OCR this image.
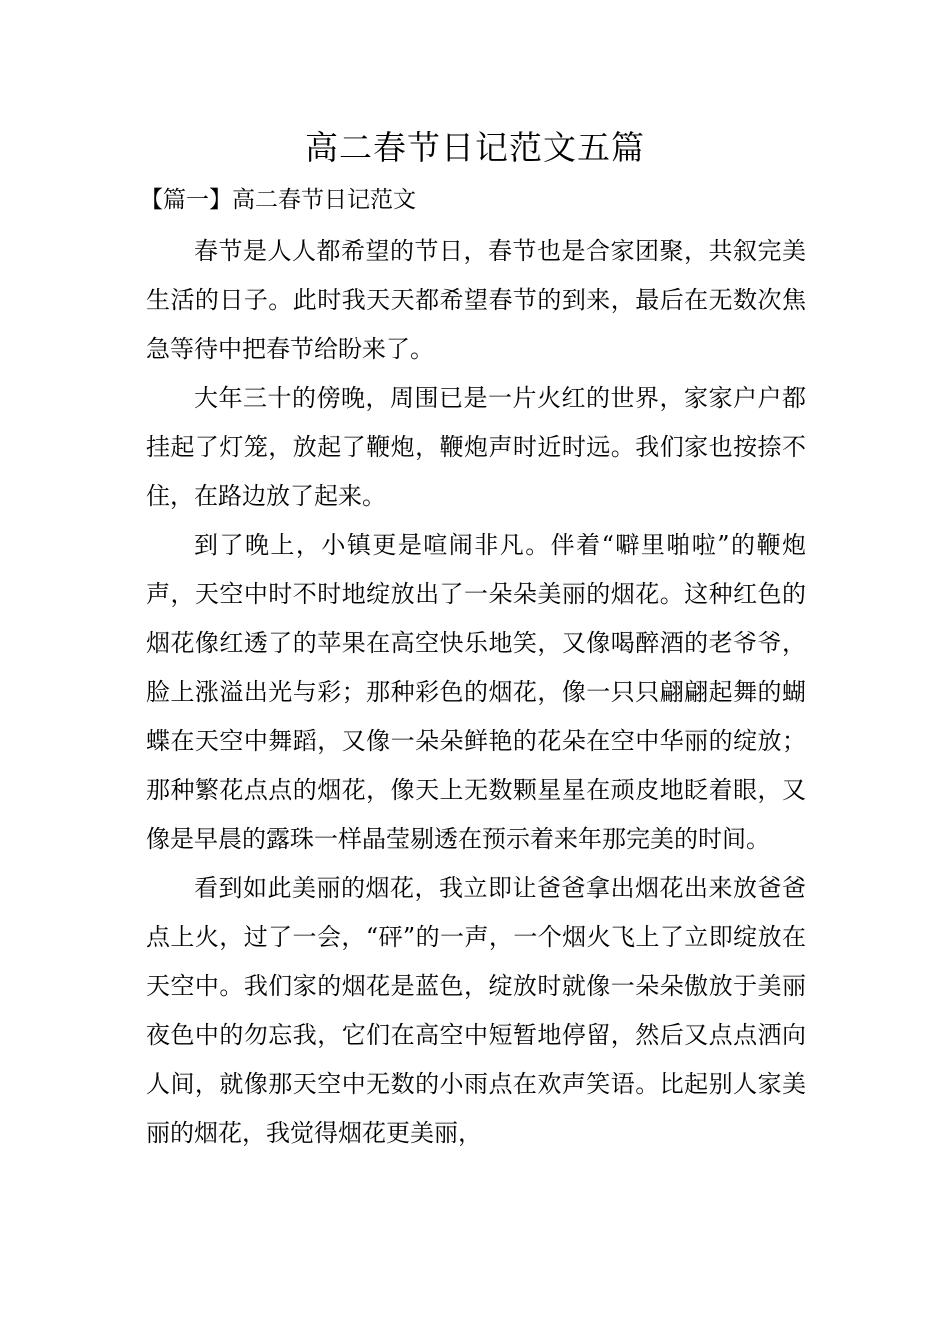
高二春节日记范文五篇
【篇一】高二春节日记范文

春节是人人都希望的节日，春节也是合家团聚，共叙完美生活的日子。此时我天天都希望春节的到来，最后在无数次焦急等待中把春节给盼来了。

大年三十的傍晚，周围已是一片火红的世界，家家户户都挂起了灯笼，放起了鞭炮，鞭炮声时近时远。我们家也按捺不住，在路边放了起来。

到了晚上，小镇更是喧闹非凡。伴着“噼里啪啦”的鞭炮声，天空中时不时地绽放出了一朵朵美丽的烟花。这种红色的烟花像红透了的苹果在高空快乐地笑，又像喝醉酒的老爷爷，脸上涨溢出光与彩；那种彩色的烟花，像一只只翩翩起舞的蝴蝶在天空中舞蹈，又像一朵朵鲜艳的花朵在空中华丽的绽放；那种繁花点点的烟花，像天上无数颗星星在顽皮地眨着眼，又像是早晨的露珠一样晶莹剔透在预示着来年那完美的时间。

看到如此美丽的烟花，我立即让爸爸拿出烟花出来放爸爸点上火，过了一会，“砰”的一声，一个烟火飞上了立即绽放在天空中。我们家的烟花是蓝色，绽放时就像一朵朵傲放于美丽夜色中的勿忘我，它们在高空中短暂地停留，然后又点点洒向人间，就像那天空中无数的小雨点在欢声笑语。比起别人家美丽的烟花，我觉得烟花更美丽，
